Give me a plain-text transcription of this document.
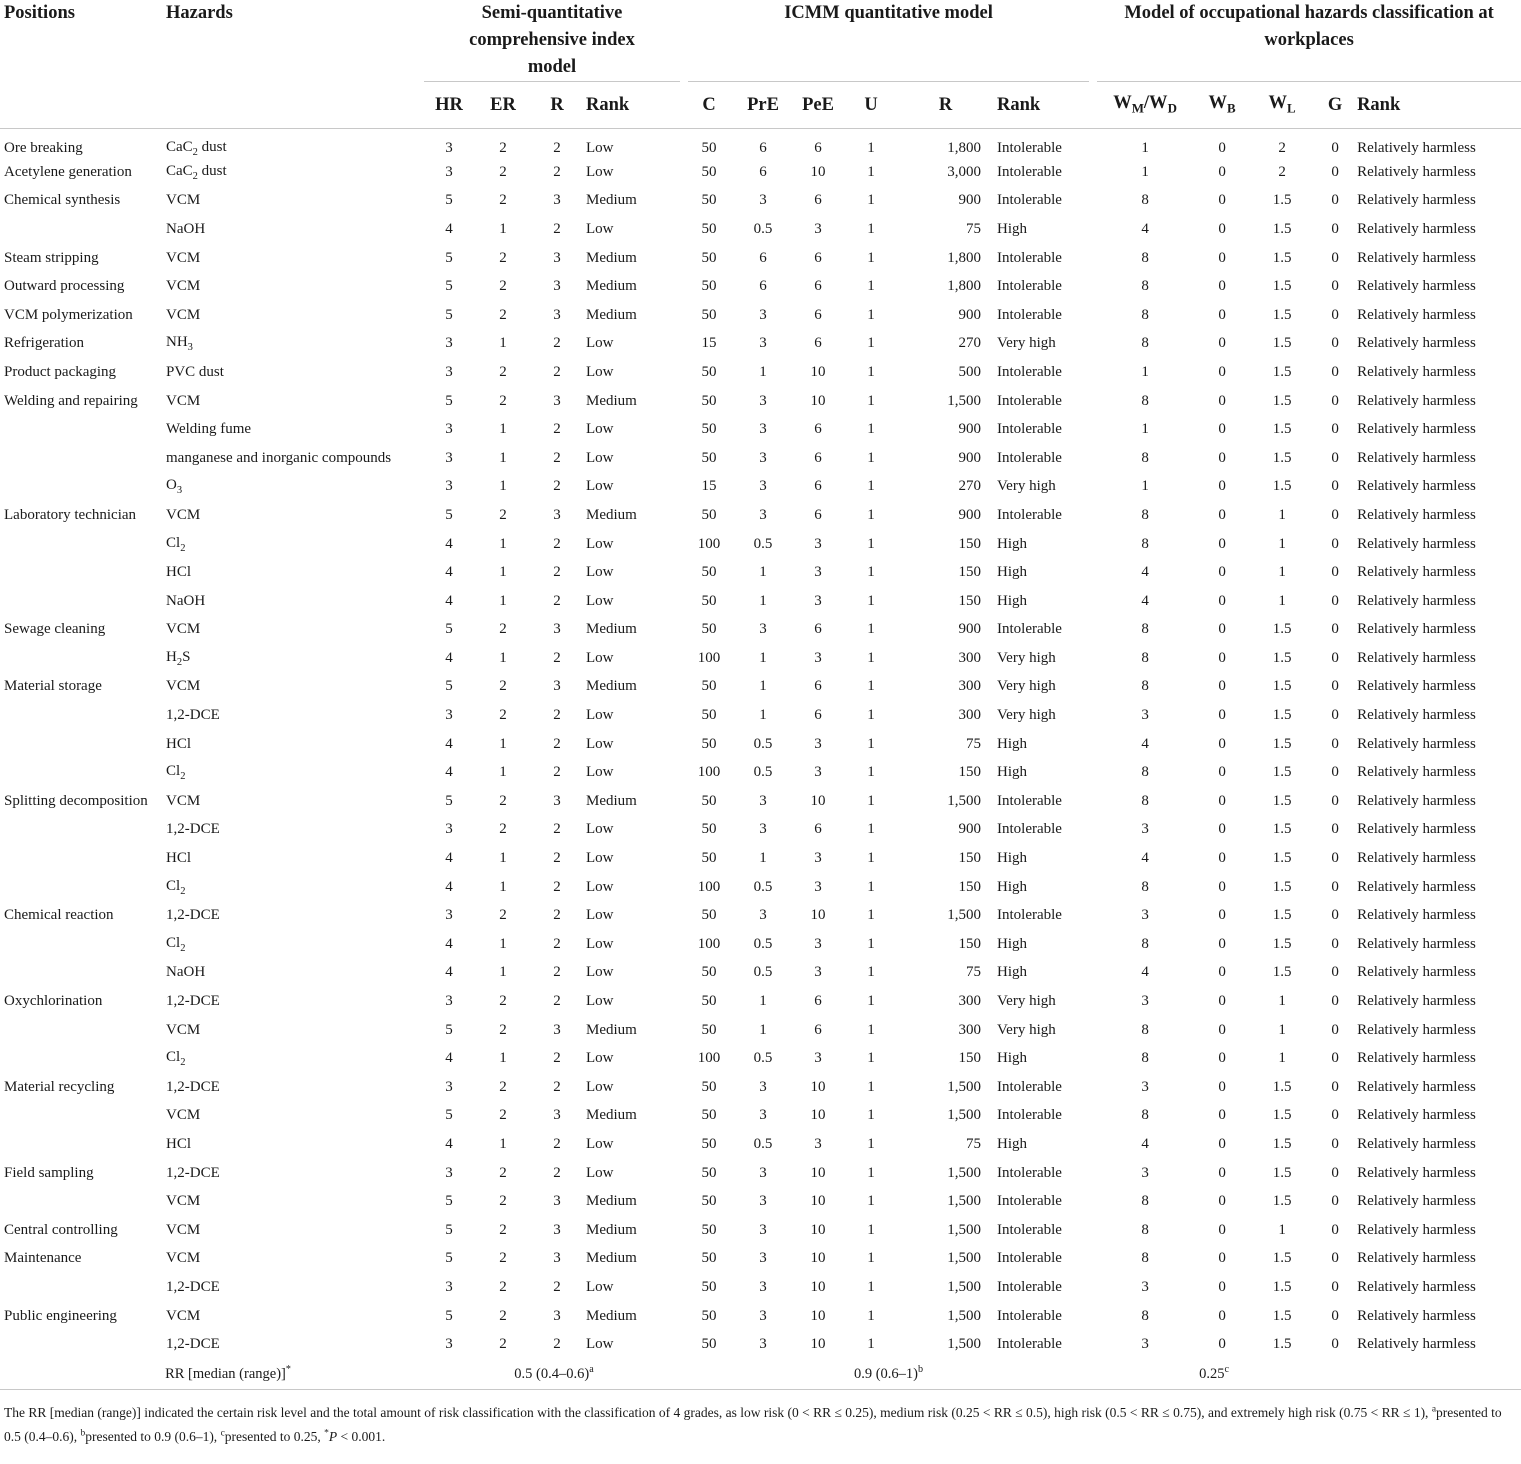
Positions	Hazards	Semi-quantitative comprehensive index model				ICMM quantitative model						Model of occupational hazards classification at workplaces				

		HR	ER	R	Rank	C	PrE	PeE	U	R	Rank	$W_M/W_D$	$W_B$	$W_L$	G	Rank
Ore breaking	CaC$_2$ dust	3	2	2	Low	50	6	6	1	1,800	Intolerable	1	0	2	0	Relatively harmless
Acetylene generation	CaC$_2$ dust	3	2	2	Low	50	6	10	1	3,000	Intolerable	1	0	2	0	Relatively harmless
Chemical synthesis	VCM	5	2	3	Medium	50	3	6	1	900	Intolerable	8	0	1.5	0	Relatively harmless
	NaOH	4	1	2	Low	50	0.5	3	1	75	High	4	0	1.5	0	Relatively harmless
Steam stripping	VCM	5	2	3	Medium	50	6	6	1	1,800	Intolerable	8	0	1.5	0	Relatively harmless
Outward processing	VCM	5	2	3	Medium	50	6	6	1	1,800	Intolerable	8	0	1.5	0	Relatively harmless
VCM polymerization	VCM	5	2	3	Medium	50	3	6	1	900	Intolerable	8	0	1.5	0	Relatively harmless
Refrigeration	$NH_3$	3	1	2	Low	15	3	6	1	270	Very high	8	0	1.5	0	Relatively harmless
Product packaging	PVC dust	3	2	2	Low	50	1	10	1	500	Intolerable	1	0	1.5	0	Relatively harmless
Welding and repairing	VCM	5	2	3	Medium	50	3	10	1	1,500	Intolerable	8	0	1.5	0	Relatively harmless
	Welding fume	3	1	2	Low	50	3	6	1	900	Intolerable	1	0	1.5	0	Relatively harmless
	manganese and inorganic compounds	3	1	2	Low	50	3	6	1	900	Intolerable	8	0	1.5	0	Relatively harmless
	$O_3$	3	1	2	Low	15	3	6	1	270	Very high	1	0	1.5	0	Relatively harmless
Laboratory technician	VCM	5	2	3	Medium	50	3	6	1	900	Intolerable	8	0	1	0	Relatively harmless
	$Cl_2$	4	1	2	Low	100	0.5	3	1	150	High	8	0	1	0	Relatively harmless
	HCl	4	1	2	Low	50	1	3	1	150	High	4	0	1	0	Relatively harmless
	NaOH	4	1	2	Low	50	1	3	1	150	High	4	0	1	0	Relatively harmless
Sewage cleaning	VCM	5	2	3	Medium	50	3	6	1	900	Intolerable	8	0	1.5	0	Relatively harmless
	$H_2S$	4	1	2	Low	100	1	3	1	300	Very high	8	0	1.5	0	Relatively harmless
Material storage	VCM	5	2	3	Medium	50	1	6	1	300	Very high	8	0	1.5	0	Relatively harmless
	1,2-DCE	3	2	2	Low	50	1	6	1	300	Very high	3	0	1.5	0	Relatively harmless
	HCl	4	1	2	Low	50	0.5	3	1	75	High	4	0	1.5	0	Relatively harmless
	$Cl_2$	4	1	2	Low	100	0.5	3	1	150	High	8	0	1.5	0	Relatively harmless
Splitting decomposition	VCM	5	2	3	Medium	50	3	10	1	1,500	Intolerable	8	0	1.5	0	Relatively harmless
	1,2-DCE	3	2	2	Low	50	3	6	1	900	Intolerable	3	0	1.5	0	Relatively harmless
	HCl	4	1	2	Low	50	1	3	1	150	High	4	0	1.5	0	Relatively harmless
	$Cl_2$	4	1	2	Low	100	0.5	3	1	150	High	8	0	1.5	0	Relatively harmless
Chemical reaction	1,2-DCE	3	2	2	Low	50	3	10	1	1,500	Intolerable	3	0	1.5	0	Relatively harmless
	$Cl_2$	4	1	2	Low	100	0.5	3	1	150	High	8	0	1.5	0	Relatively harmless
	NaOH	4	1	2	Low	50	0.5	3	1	75	High	4	0	1.5	0	Relatively harmless
Oxychlorination	1,2-DCE	3	2	2	Low	50	1	6	1	300	Very high	3	0	1	0	Relatively harmless
	VCM	5	2	3	Medium	50	1	6	1	300	Very high	8	0	1	0	Relatively harmless
	$Cl_2$	4	1	2	Low	100	0.5	3	1	150	High	8	0	1	0	Relatively harmless
Material recycling	1,2-DCE	3	2	2	Low	50	3	10	1	1,500	Intolerable	3	0	1.5	0	Relatively harmless
	VCM	5	2	3	Medium	50	3	10	1	1,500	Intolerable	8	0	1.5	0	Relatively harmless
	HCl	4	1	2	Low	50	0.5	3	1	75	High	4	0	1.5	0	Relatively harmless
Field sampling	1,2-DCE	3	2	2	Low	50	3	10	1	1,500	Intolerable	3	0	1.5	0	Relatively harmless
	VCM	5	2	3	Medium	50	3	10	1	1,500	Intolerable	8	0	1.5	0	Relatively harmless
Central controlling	VCM	5	2	3	Medium	50	3	10	1	1,500	Intolerable	8	0	1	0	Relatively harmless
Maintenance	VCM	5	2	3	Medium	50	3	10	1	1,500	Intolerable	8	0	1.5	0	Relatively harmless
	1,2-DCE	3	2	2	Low	50	3	10	1	1,500	Intolerable	3	0	1.5	0	Relatively harmless
Public engineering	VCM	5	2	3	Medium	50	3	10	1	1,500	Intolerable	8	0	1.5	0	Relatively harmless
	1,2-DCE	3	2	2	Low	50	3	10	1	1,500	Intolerable	3	0	1.5	0	Relatively harmless
RR [median (range)]*		0.5 $(0.4-0.6)^a$				0.9 $(0.6-1)^b$						0.25$^c$
The RR [median (range)] indicated the certain risk level and the total amount of risk classification with the classification of 4 grades, as low risk (0 < RR ≤ 0.25), medium risk (0.25 < RR ≤ 0.5), high risk (0.5 < RR ≤ 0.75), and extremely high risk (0.75 < RR ≤ 1), $^a$presented to 0.5 (0.4–0.6), $^b$presented to 0.9 (0.6–1), $^c$presented to 0.25, *P < 0.001.																
